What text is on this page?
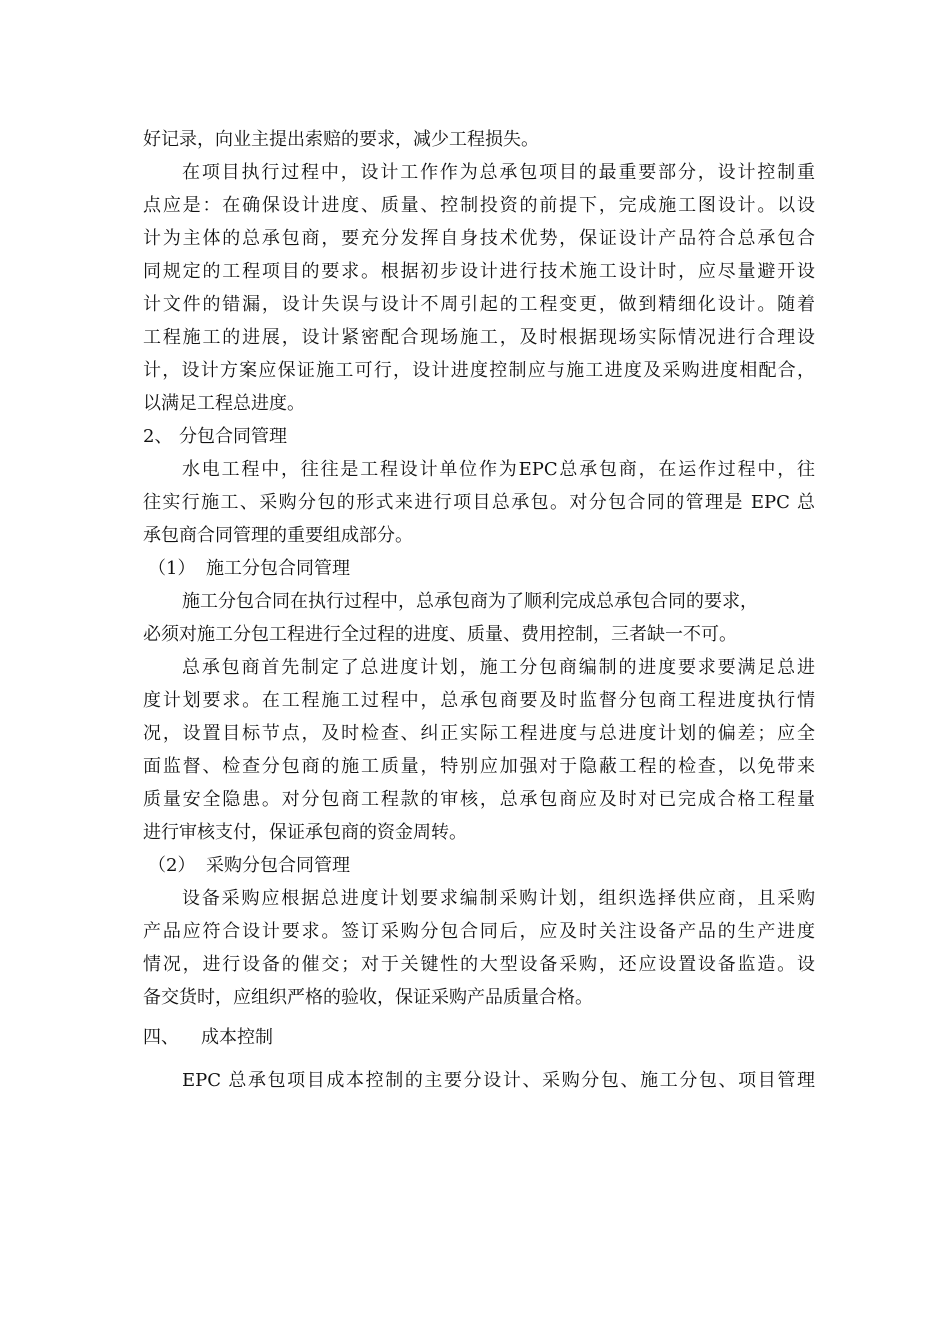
好记录，向业主提出索赔的要求，减少工程损失。
在项目执行过程中，设计工作作为总承包项目的最重要部分，设计控制重
点应是：在确保设计进度、质量、控制投资的前提下，完成施工图设计。以设
计为主体的总承包商，要充分发挥自身技术优势，保证设计产品符合总承包合
同规定的工程项目的要求。根据初步设计进行技术施工设计时，应尽量避开设
计文件的错漏，设计失误与设计不周引起的工程变更，做到精细化设计。随着
工程施工的进展，设计紧密配合现场施工，及时根据现场实际情况进行合理设
计，设计方案应保证施工可行，设计进度控制应与施工进度及采购进度相配合，
以满足工程总进度。
2、 分包合同管理
水电工程中，往往是工程设计单位作为EPC总承包商，在运作过程中，往
往实行施工、采购分包的形式来进行项目总承包。对分包合同的管理是 EPC 总
承包商合同管理的重要组成部分。
（1） 施工分包合同管理
施工分包合同在执行过程中，总承包商为了顺利完成总承包合同的要求，
必须对施工分包工程进行全过程的进度、质量、费用控制，三者缺一不可。
总承包商首先制定了总进度计划，施工分包商编制的进度要求要满足总进
度计划要求。在工程施工过程中，总承包商要及时监督分包商工程进度执行情
况，设置目标节点，及时检查、纠正实际工程进度与总进度计划的偏差；应全
面监督、检查分包商的施工质量，特别应加强对于隐蔽工程的检查，以免带来
质量安全隐患。对分包商工程款的审核，总承包商应及时对已完成合格工程量
进行审核支付，保证承包商的资金周转。
（2） 采购分包合同管理
设备采购应根据总进度计划要求编制采购计划，组织选择供应商，且采购
产品应符合设计要求。签订采购分包合同后，应及时关注设备产品的生产进度
情况，进行设备的催交；对于关键性的大型设备采购，还应设置设备监造。设
备交货时，应组织严格的验收，保证采购产品质量合格。
四、 成本控制
EPC 总承包项目成本控制的主要分设计、采购分包、施工分包、项目管理
